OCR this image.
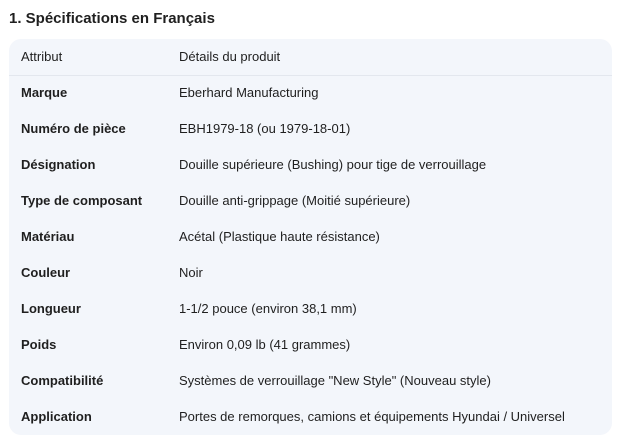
1. Spécifications en Français
Attribut	Détails du produit
Marque	Eberhard Manufacturing
Numéro de pièce	EBH1979-18 (ou 1979-18-01)
Désignation	Douille supérieure (Bushing) pour tige de verrouillage
Type de composant	Douille anti-grippage (Moitié supérieure)
Matériau	Acétal (Plastique haute résistance)
Couleur	Noir
Longueur	1-1/2 pouce (environ 38,1 mm)
Poids	Environ 0,09 lb (41 grammes)
Compatibilité	Systèmes de verrouillage "New Style" (Nouveau style)
Application	Portes de remorques, camions et équipements Hyundai / Universel
